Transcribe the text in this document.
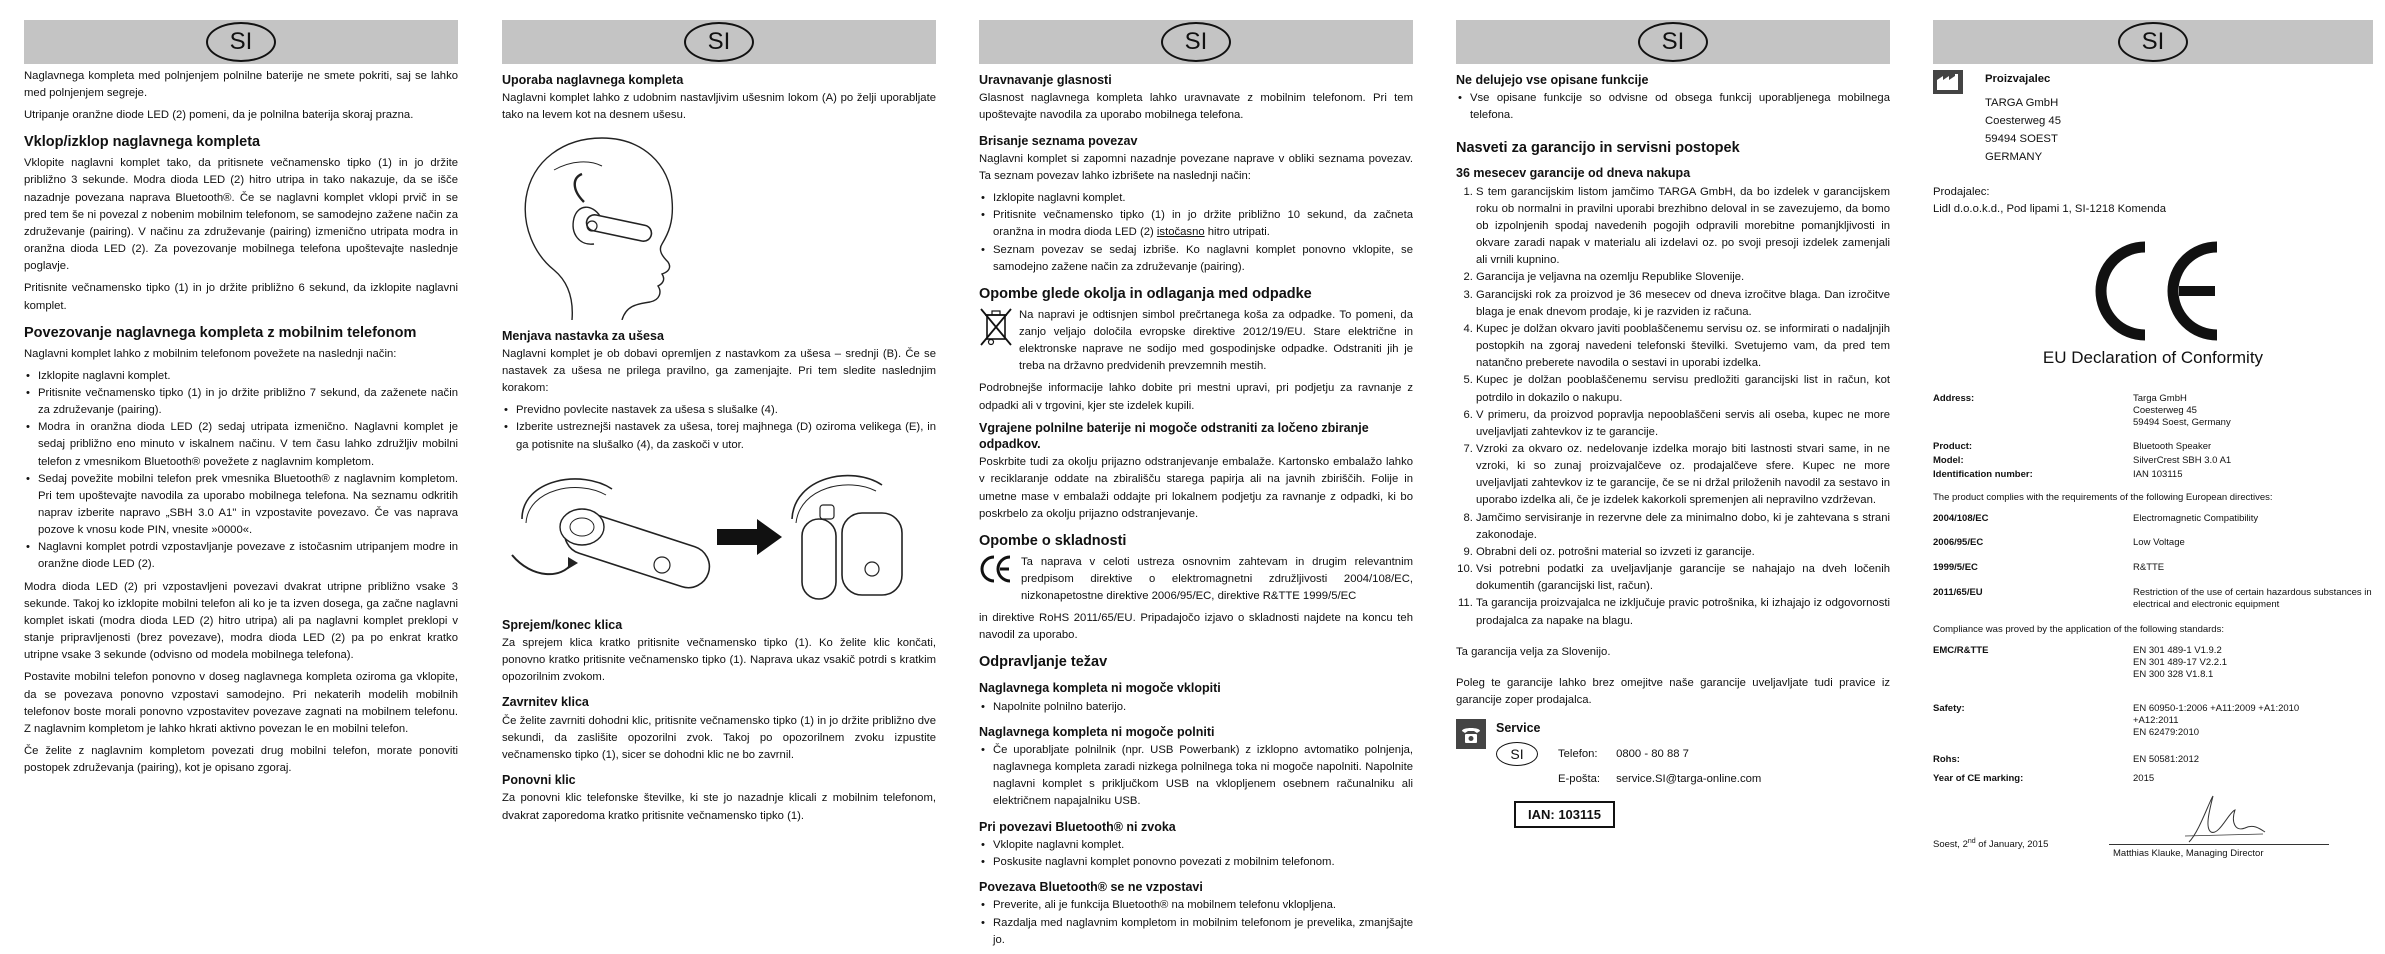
SI

Naglavnega kompleta med polnjenjem polnilne baterije ne smete pokriti, saj se lahko med polnjenjem segreje.

Utripanje oranžne diode LED (2) pomeni, da je polnilna baterija skoraj prazna.

Vklop/izklop naglavnega kompleta

Vklopite naglavni komplet tako, da pritisnete večnamensko tipko (1) in jo držite približno 3 sekunde. Modra dioda LED (2) hitro utripa in tako nakazuje, da se išče nazadnje povezana naprava Bluetooth®. Če se naglavni komplet vklopi prvič in se pred tem še ni povezal z nobenim mobilnim telefonom, se samodejno zažene način za združevanje (pairing). V načinu za združevanje (pairing) izmenično utripata modra in oranžna dioda LED (2). Za povezovanje mobilnega telefona upoštevajte naslednje poglavje.

Pritisnite večnamensko tipko (1) in jo držite približno 6 sekund, da izklopite naglavni komplet.

Povezovanje naglavnega kompleta z mobilnim telefonom

Naglavni komplet lahko z mobilnim telefonom povežete na naslednji način:

• Izklopite naglavni komplet.
• Pritisnite večnamensko tipko (1) in jo držite približno 7 sekund, da zaženete način za združevanje (pairing).
• Modra in oranžna dioda LED (2) sedaj utripata izmenično. Naglavni komplet je sedaj približno eno minuto v iskalnem načinu. V tem času lahko združljiv mobilni telefon z vmesnikom Bluetooth® povežete z naglavnim kompletom.
• Sedaj povežite mobilni telefon prek vmesnika Bluetooth® z naglavnim kompletom. Pri tem upoštevajte navodila za uporabo mobilnega telefona. Na seznamu odkritih naprav izberite napravo „SBH 3.0 A1" in vzpostavite povezavo. Če vas naprava pozove k vnosu kode PIN, vnesite »0000«.
• Naglavni komplet potrdi vzpostavljanje povezave z istočasnim utripanjem modre in oranžne diode LED (2).

Modra dioda LED (2) pri vzpostavljeni povezavi dvakrat utripne približno vsake 3 sekunde. Takoj ko izklopite mobilni telefon ali ko je ta izven dosega, ga začne naglavni komplet iskati (modra dioda LED (2) hitro utripa) ali pa naglavni komplet preklopi v stanje pripravljenosti (brez povezave), modra dioda LED (2) pa po enkrat kratko utripne vsake 3 sekunde (odvisno od modela mobilnega telefona).

Postavite mobilni telefon ponovno v doseg naglavnega kompleta oziroma ga vklopite, da se povezava ponovno vzpostavi samodejno. Pri nekaterih modelih mobilnih telefonov boste morali ponovno vzpostavitev povezave zagnati na mobilnem telefonu. Z naglavnim kompletom je lahko hkrati aktivno povezan le en mobilni telefon.

Če želite z naglavnim kompletom povezati drug mobilni telefon, morate ponoviti postopek združevanja (pairing), kot je opisano zgoraj.

SI
Uporaba naglavnega kompleta

Naglavni komplet lahko z udobnim nastavljivim ušesnim lokom (A) po želji uporabljate tako na levem kot na desnem ušesu.

Menjava nastavka za ušesa

Naglavni komplet je ob dobavi opremljen z nastavkom za ušesa – srednji (B). Če se nastavek za ušesa ne prilega pravilno, ga zamenjajte. Pri tem sledite naslednjim korakom:

• Previdno povlecite nastavek za ušesa s slušalke (4).
• Izberite ustreznejši nastavek za ušesa, torej majhnega (D) oziroma velikega (E), in ga potisnite na slušalko (4), da zaskoči v utor.
Sprejem/konec klica

Za sprejem klica kratko pritisnite večnamensko tipko (1). Ko želite klic končati, ponovno kratko pritisnite večnamensko tipko (1). Naprava ukaz vsakič potrdi s kratkim opozorilnim zvokom.

Zavrnitev klica

Če želite zavrniti dohodni klic, pritisnite večnamensko tipko (1) in jo držite približno dve sekundi, da zaslišite opozorilni zvok. Takoj po opozorilnem zvoku izpustite večnamensko tipko (1), sicer se dohodni klic ne bo zavrnil.

Ponovni klic

Za ponovni klic telefonske številke, ki ste jo nazadnje klicali z mobilnim telefonom, dvakrat zaporedoma kratko pritisnite večnamensko tipko (1).

SI
Uravnavanje glasnosti

Glasnost naglavnega kompleta lahko uravnavate z mobilnim telefonom. Pri tem upoštevajte navodila za uporabo mobilnega telefona.

Brisanje seznama povezav

Naglavni komplet si zapomni nazadnje povezane naprave v obliki seznama povezav. Ta seznam povezav lahko izbrišete na naslednji način:

• Izklopite naglavni komplet.
• Pritisnite večnamensko tipko (1) in jo držite približno 10 sekund, da začneta oranžna in modra dioda LED (2) istočasno hitro utripati.
• Seznam povezav se sedaj izbriše. Ko naglavni komplet ponovno vklopite, se samodejno zažene način za združevanje (pairing).
Opombe glede okolja in odlaganja med odpadke

Na napravi je odtisnjen simbol prečrtanega koša za odpadke. To pomeni, da zanjo veljajo določila evropske direktive 2012/19/EU. Stare električne in elektronske naprave ne sodijo med gospodinjske odpadke. Odstraniti jih je treba na državno predvidenih prevzemnih mestih.

Podrobnejše informacije lahko dobite pri mestni upravi, pri podjetju za ravnanje z odpadki ali v trgovini, kjer ste izdelek kupili.

Vgrajene polnilne baterije ni mogoče odstraniti za ločeno zbiranje odpadkov.

Poskrbite tudi za okolju prijazno odstranjevanje embalaže. Kartonsko embalažo lahko v reciklaranje oddate na zbirališču starega papirja ali na javnih zbiriščih. Folije in umetne mase v embalaži oddajte pri lokalnem podjetju za ravnanje z odpadki, ki bo poskrbelo za okolju prijazno odstranjevanje.

Opombe o skladnosti

Ta naprava v celoti ustreza osnovnim zahtevam in drugim relevantnim predpisom direktive o elektromagnetni združljivosti 2004/108/EC, nizkonapetostne direktive 2006/95/EC, direktive R&TTE 1999/5/EC

in direktive RoHS 2011/65/EU. Pripadajočo izjavo o skladnosti najdete na koncu teh navodil za uporabo.

Odpravljanje težav
Naglavnega kompleta ni mogoče vklopiti
• Napolnite polnilno baterijo.
Naglavnega kompleta ni mogoče polniti
• Če uporabljate polnilnik (npr. USB Powerbank) z izklopno avtomatiko polnjenja, naglavnega kompleta zaradi nizkega polnilnega toka ni mogoče napolniti. Napolnite naglavni komplet s priključkom USB na vklopljenem osebnem računalniku ali električnem napajalniku USB.
Pri povezavi Bluetooth® ni zvoka
• Vklopite naglavni komplet.
• Poskusite naglavni komplet ponovno povezati z mobilnim telefonom.
Povezava Bluetooth® se ne vzpostavi
• Preverite, ali je funkcija Bluetooth® na mobilnem telefonu vklopljena.
• Razdalja med naglavnim kompletom in mobilnim telefonom je prevelika, zmanjšajte jo.
SI
Ne delujejo vse opisane funkcije
• Vse opisane funkcije so odvisne od obsega funkcij uporabljenega mobilnega telefona.
Nasveti za garancijo in servisni postopek
36 mesecev garancije od dneva nakupa
1. S tem garancijskim listom jamčimo TARGA GmbH, da bo izdelek v garancijskem roku ob normalni in pravilni uporabi brezhibno deloval in se zavezujemo, da bomo ob izpolnjenih spodaj navedenih pogojih odpravili morebitne pomanjkljivosti in okvare zaradi napak v materialu ali izdelavi oz. po svoji presoji izdelek zamenjali ali vrnili kupnino.
2. Garancija je veljavna na ozemlju Republike Slovenije.
3. Garancijski rok za proizvod je 36 mesecev od dneva izročitve blaga. Dan izročitve blaga je enak dnevom prodaje, ki je razviden iz računa.
4. Kupec je dolžan okvaro javiti pooblaščenemu servisu oz. se informirati o nadaljnjih postopkih na zgoraj navedeni telefonski številki. Svetujemo vam, da pred tem natančno preberete navodila o sestavi in uporabi izdelka.
5. Kupec je dolžan pooblaščenemu servisu predložiti garancijski list in račun, kot potrdilo in dokazilo o nakupu.
6. V primeru, da proizvod popravlja nepooblaščeni servis ali oseba, kupec ne more uveljavljati zahtevkov iz te garancije.
7. Vzroki za okvaro oz. nedelovanje izdelka morajo biti lastnosti stvari same, in ne vzroki, ki so zunaj proizvajalčeve oz. prodajalčeve sfere. Kupec ne more uveljavljati zahtevkov iz te garancije, če se ni držal priloženih navodil za sestavo in uporabo izdelka ali, če je izdelek kakorkoli spremenjen ali nepravilno vzdrževan.
8. Jamčimo servisiranje in rezervne dele za minimalno dobo, ki je zahtevana s strani zakonodaje.
9. Obrabni deli oz. potrošni material so izvzeti iz garancije.
10. Vsi potrebni podatki za uveljavljanje garancije se nahajajo na dveh ločenih dokumentih (garancijski list, račun).
11. Ta garancija proizvajalca ne izključuje pravic potrošnika, ki izhajajo iz odgovornosti prodajalca za napake na blagu.

Ta garancija velja za Slovenijo.

Poleg te garancije lahko brez omejitve naše garancije uveljavljate tudi pravice iz garancije zoper prodajalca.

Service
SI	Telefon:	0800 - 80 88 7
E-pošta:	service.SI@targa-online.com
IAN: 103115
SI
Proizvajalec
TARGA GmbH
Coesterweg 45
59494 SOEST
GERMANY
Prodajalec:
Lidl d.o.o.k.d., Pod lipami 1, SI-1218 Komenda
EU Declaration of Conformity
Address:	Targa GmbH
Coesterweg 45
59494 Soest, Germany
Product:	Bluetooth Speaker
Model:	SilverCrest SBH 3.0 A1
Identification number:	IAN 103115
The product complies with the requirements of the following European directives:
2004/108/EC	Electromagnetic Compatibility
2006/95/EC	Low Voltage
1999/5/EC	R&TTE
2011/65/EU	Restriction of the use of certain hazardous substances in electrical and electronic equipment
Compliance was proved by the application of the following standards:
EMC/R&TTE	EN 301 489-1 V1.9.2
EN 301 489-17 V2.2.1
EN 300 328 V1.8.1

Safety:	EN 60950-1:2006 +A11:2009 +A1:2010
+A12:2011
EN 62479:2010

Rohs:	EN 50581:2012
Year of CE marking:	2015
Soest, 2nd of January, 2015
Matthias Klauke, Managing Director
